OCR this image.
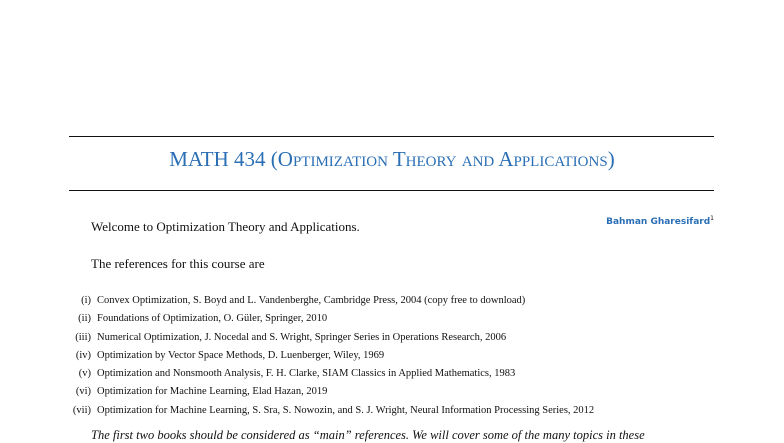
MATH 434 (Optimization Theory and Applications)
Bahman Gharesifard$^1$
Welcome to Optimization Theory and Applications.
The references for this course are
(i) Convex Optimization, S. Boyd and L. Vandenberghe, Cambridge Press, 2004 (copy free to download)
(ii) Foundations of Optimization, O. Güler, Springer, 2010
(iii) Numerical Optimization, J. Nocedal and S. Wright, Springer Series in Operations Research, 2006
(iv) Optimization by Vector Space Methods, D. Luenberger, Wiley, 1969
(v) Optimization and Nonsmooth Analysis, F. H. Clarke, SIAM Classics in Applied Mathematics, 1983
(vi) Optimization for Machine Learning, Elad Hazan, 2019
(vii) Optimization for Machine Learning, S. Sra, S. Nowozin, and S. J. Wright, Neural Information Processing Series, 2012
The first two books should be considered as “main” references. We will cover some of the many topics in these
